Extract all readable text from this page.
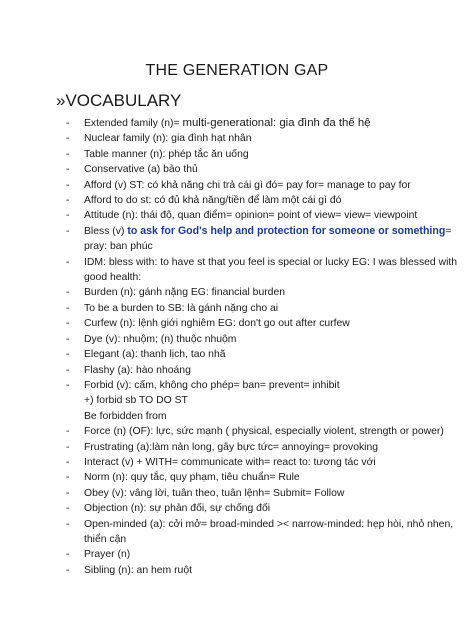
THE GENERATION GAP
»VOCABULARY
- Extended family (n)= multi-generational: gia đình đa thế hệ
- Nuclear family (n): gia đình hạt nhân
- Table manner (n): phép tắc ăn uống
- Conservative (a) bảo thủ
- Afford (v) ST: có khả năng chi trả cái gì đó= pay for= manage to pay for
- Afford to do st: có đủ khả năng/tiền để làm một cái gì đó
- Attitude (n): thái độ, quan điểm= opinion= point of view= view= viewpoint
- Bless (v) to ask for God's help and protection for someone or something= pray: ban phúc
- IDM: bless with: to have st that you feel is special or lucky EG: I was blessed with good health:
- Burden (n): gánh nặng EG: financial burden
- To be a burden to SB: là gánh nặng cho ai
- Curfew (n): lệnh giới nghiêm EG: don't go out after curfew
- Dye (v): nhuộm; (n) thuộc nhuộm
- Elegant (a): thanh lịch, tao nhã
- Flashy (a): hào nhoáng
- Forbid (v): cấm, không cho phép= ban= prevent= inhibit
+) forbid sb TO DO ST
Be forbidden from
- Force (n) (OF): lực, sức mạnh ( physical, especially violent, strength or power)
- Frustrating (a):làm nản long, gây bực tức= annoying= provoking
- Interact (v) + WITH= communicate with= react to: tương tác với
- Norm (n): quy tắc, quy phạm, tiêu chuẩn= Rule
- Obey (v): vâng lời, tuân theo, tuân lệnh= Submit= Follow
- Objection (n): sự phản đối, sự chống đối
- Open-minded (a): cởi mở= broad-minded >< narrow-minded: hẹp hòi, nhỏ nhen, thiển cận
- Prayer (n)
- Sibling (n): an hem ruột
